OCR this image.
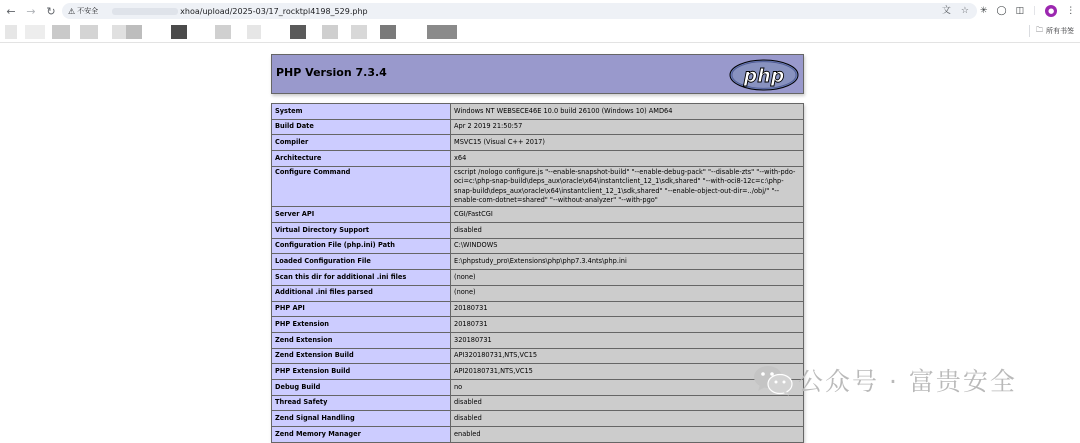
← → ↻	⚠ 不安全	xhoa/upload/2025-03/17_rocktpl4198_529.php	文 ☆ ✳ ◯ ◫ |	●	⋮
🗀 所有书签
PHP Version 7.3.4	php
System	Windows NT WEBSECE46E 10.0 build 26100 (Windows 10) AMD64
Build Date	Apr 2 2019 21:50:57
Compiler	MSVC15 (Visual C++ 2017)
Architecture	x64
Configure Command	cscript /nologo configure.js "--enable-snapshot-build" "--enable-debug-pack" "--disable-zts" "--with-pdo-oci=c:\php-snap-build\deps_aux\oracle\x64\instantclient_12_1\sdk,shared" "--with-oci8-12c=c:\php-snap-build\deps_aux\oracle\x64\instantclient_12_1\sdk,shared" "--enable-object-out-dir=../obj/" "--enable-com-dotnet=shared" "--without-analyzer" "--with-pgo"
Server API	CGI/FastCGI
Virtual Directory Support	disabled
Configuration File (php.ini) Path	C:\WINDOWS
Loaded Configuration File	E:\phpstudy_pro\Extensions\php\php7.3.4nts\php.ini
Scan this dir for additional .ini files	(none)
Additional .ini files parsed	(none)
PHP API	20180731
PHP Extension	20180731
Zend Extension	320180731
Zend Extension Build	API320180731,NTS,VC15
PHP Extension Build	API20180731,NTS,VC15
Debug Build	no
Thread Safety	disabled
Zend Signal Handling	disabled
Zend Memory Manager	enabled
公众号 · 富贵安全
